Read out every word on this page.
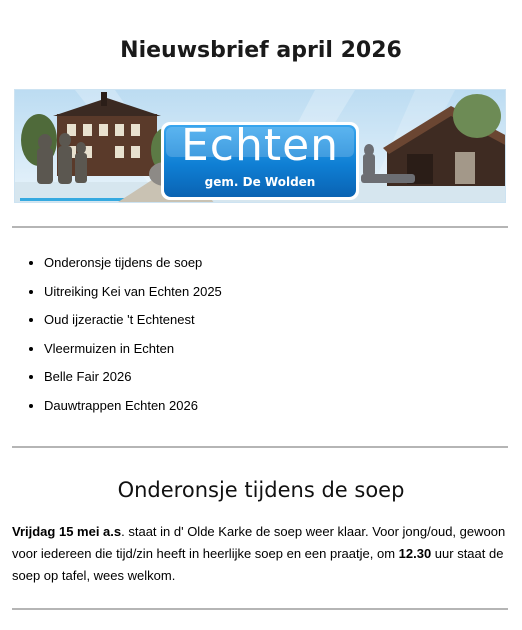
Nieuwsbrief april 2026
Echten
gem. De Wolden
• Onderonsje tijdens de soep
• Uitreiking Kei van Echten 2025
• Oud ijzeractie 't Echtenest
• Vleermuizen in Echten
• Belle Fair 2026
• Dauwtrappen Echten 2026
Onderonsje tijdens de soep

Vrijdag 15 mei a.s. staat in d' Olde Karke de soep weer klaar. Voor jong/oud, gewoon voor iedereen die tijd/zin heeft in heerlijke soep en een praatje, om 12.30 uur staat de soep op tafel, wees welkom.
